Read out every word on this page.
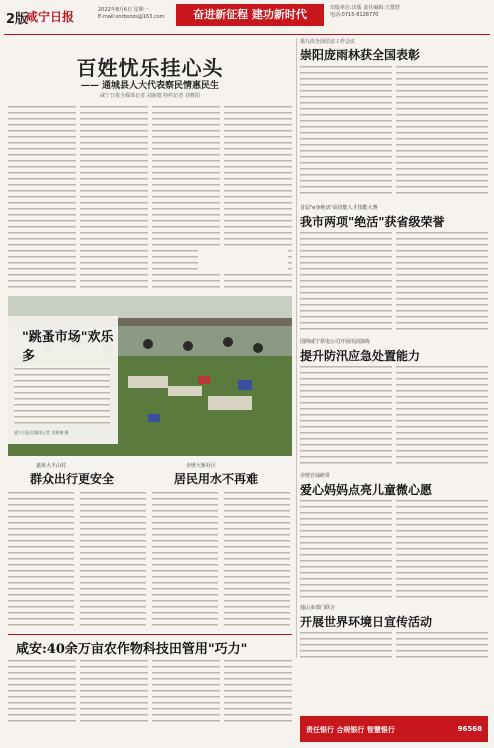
2版
咸宁日报	2022年8月6日 星期一
E-mail:xnrbsnzs@163.com	奋进新征程 建功新时代	出版单位:出版 责任编辑:王群舒
电话:0715-8128770
百姓忧乐挂心头
—— 通城县人大代表察民情惠民生
咸宁日报全媒体记者 刘新德 特约记者 刘曹阳
"跳蚤市场"欢乐多
咸宁日报全媒体记者 吴彬德 摄
第九次全国信访工作会议
崇阳庞雨林获全国表彰
首届"e身绝活"高技能人才技能大赛
我市两项"绝活"获省级荣誉
国网咸宁供电公司开展汛前演练
提升防汛应急处置能力
赤壁宫诵研讲
爱心妈妈点亮儿童微心愿
通山多部门联合
开展世界环境日宣传活动
嘉鱼大丰山村
群众出行更安全
赤壁大桥社区
居民用水不再难
咸安:40余万亩农作物科技田管用"巧力"
责任银行 合规银行 智慧银行	96568
